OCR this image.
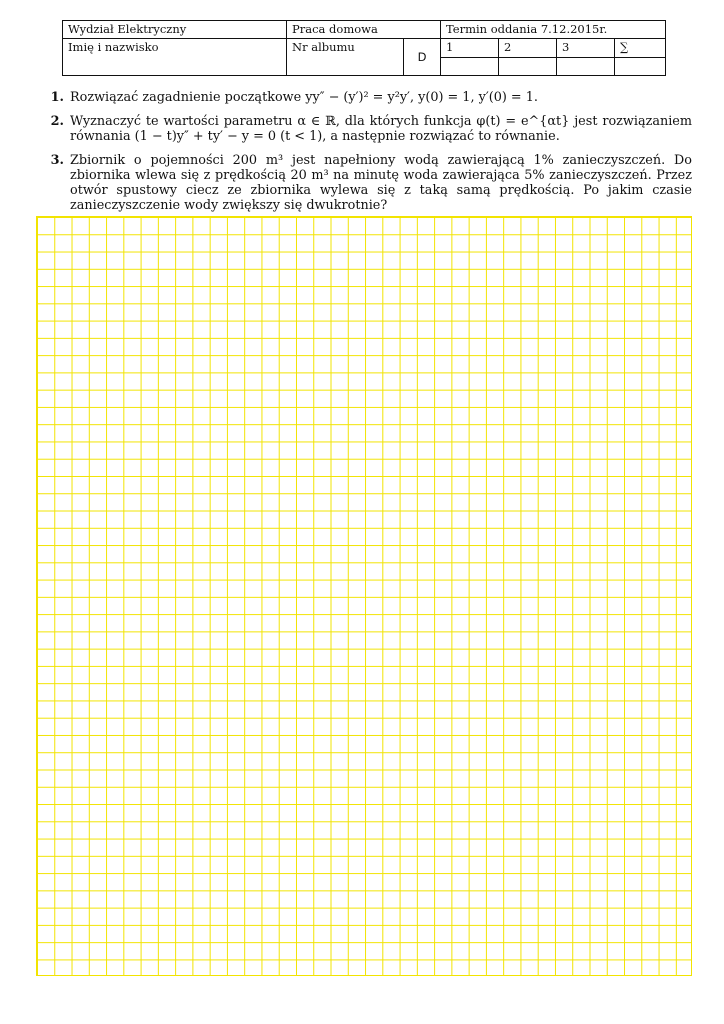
Wydział Elektryczny	Praca domowa		Termin oddania 7.12.2015r.			
Imię i nazwisko	Nr albumu	D	1	2	3	∑

1. Rozwiązać zagadnienie początkowe yy″ − (y′)² = y²y′, y(0) = 1, y′(0) = 1.
2. Wyznaczyć te wartości parametru α ∈ ℝ, dla których funkcja φ(t) = e^{αt} jest rozwiązaniem równania (1 − t)y″ + ty′ − y = 0 (t < 1), a następnie rozwiązać to równanie.
3. Zbiornik o pojemności 200 m³ jest napełniony wodą zawierającą 1% zanieczyszczeń. Do zbiornika wlewa się z prędkością 20 m³ na minutę woda zawierająca 5% zanieczyszczeń. Przez otwór spustowy ciecz ze zbiornika wylewa się z taką samą prędkością. Po jakim czasie zanieczyszczenie wody zwiększy się dwukrotnie?
